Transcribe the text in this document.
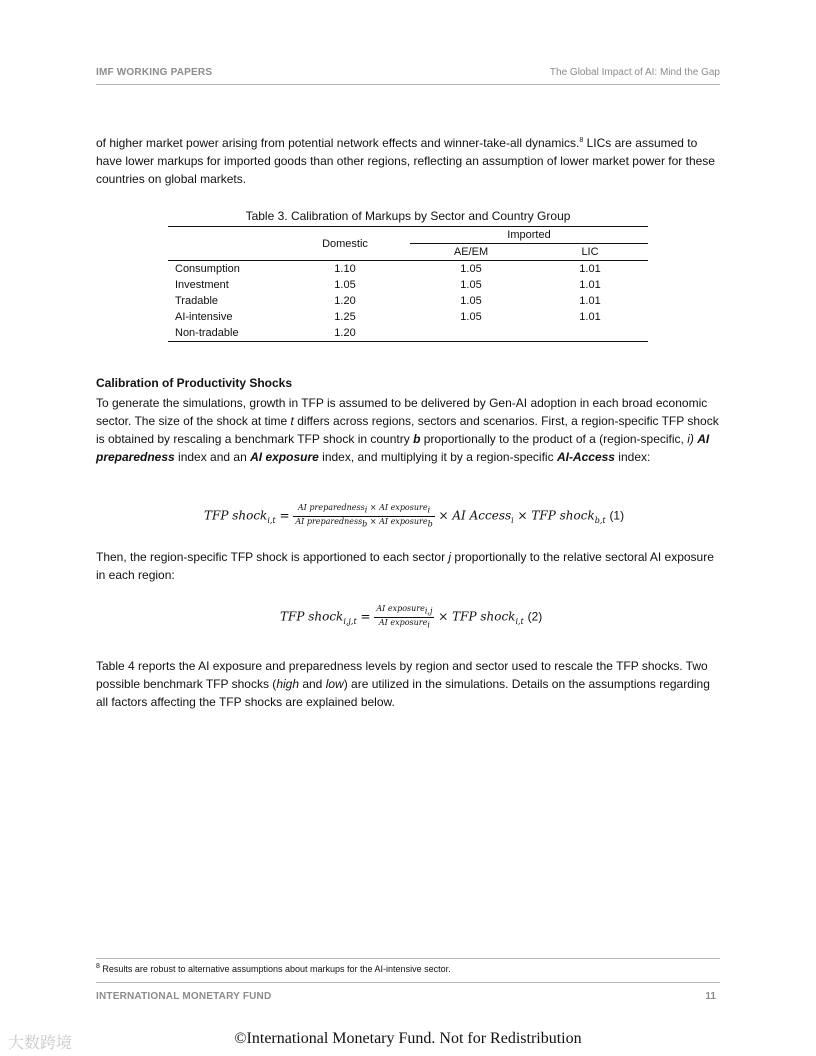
IMF WORKING PAPERS	The Global Impact of AI: Mind the Gap

of higher market power arising from potential network effects and winner-take-all dynamics.$^8$ LICs are assumed to have lower markups for imported goods than other regions, reflecting an assumption of lower market power for these countries on global markets.

Table 3. Calibration of Markups by Sector and Country Group
	Domestic	Imported	
		AE/EM	LIC
Consumption	1.10	1.05	1.01
Investment	1.05	1.05	1.01
Tradable	1.20	1.05	1.01
AI-intensive	1.25	1.05	1.01
Non-tradable	1.20		
Calibration of Productivity Shocks

To generate the simulations, growth in TFP is assumed to be delivered by Gen-AI adoption in each broad economic sector. The size of the shock at time t differs across regions, sectors and scenarios. First, a region-specific TFP shock is obtained by rescaling a benchmark TFP shock in country b proportionally to the product of a (region-specific, i) AI preparedness index and an AI exposure index, and multiplying it by a region-specific AI-Access index:

TFP shock$_{i,t}$ = $\frac{AI preparedness_i \times AI exposure_i}{AI preparedness_b \times AI exposure_b}$ × AI Access$_i$ × TFP shock$_{b,t}$ (1)

Then, the region-specific TFP shock is apportioned to each sector j proportionally to the relative sectoral AI exposure in each region:

TFP shock$_{i,j,t}$ = $\frac{AI exposure_{i,j}}{AI exposure_i}$ × TFP shock$_{i,t}$ (2)

Table 4 reports the AI exposure and preparedness levels by region and sector used to rescale the TFP shocks. Two possible benchmark TFP shocks (high and low) are utilized in the simulations. Details on the assumptions regarding all factors affecting the TFP shocks are explained below.

$^8$ Results are robust to alternative assumptions about markups for the AI-intensive sector.
INTERNATIONAL MONETARY FUND	11
大数跨境	©International Monetary Fund. Not for Redistribution
